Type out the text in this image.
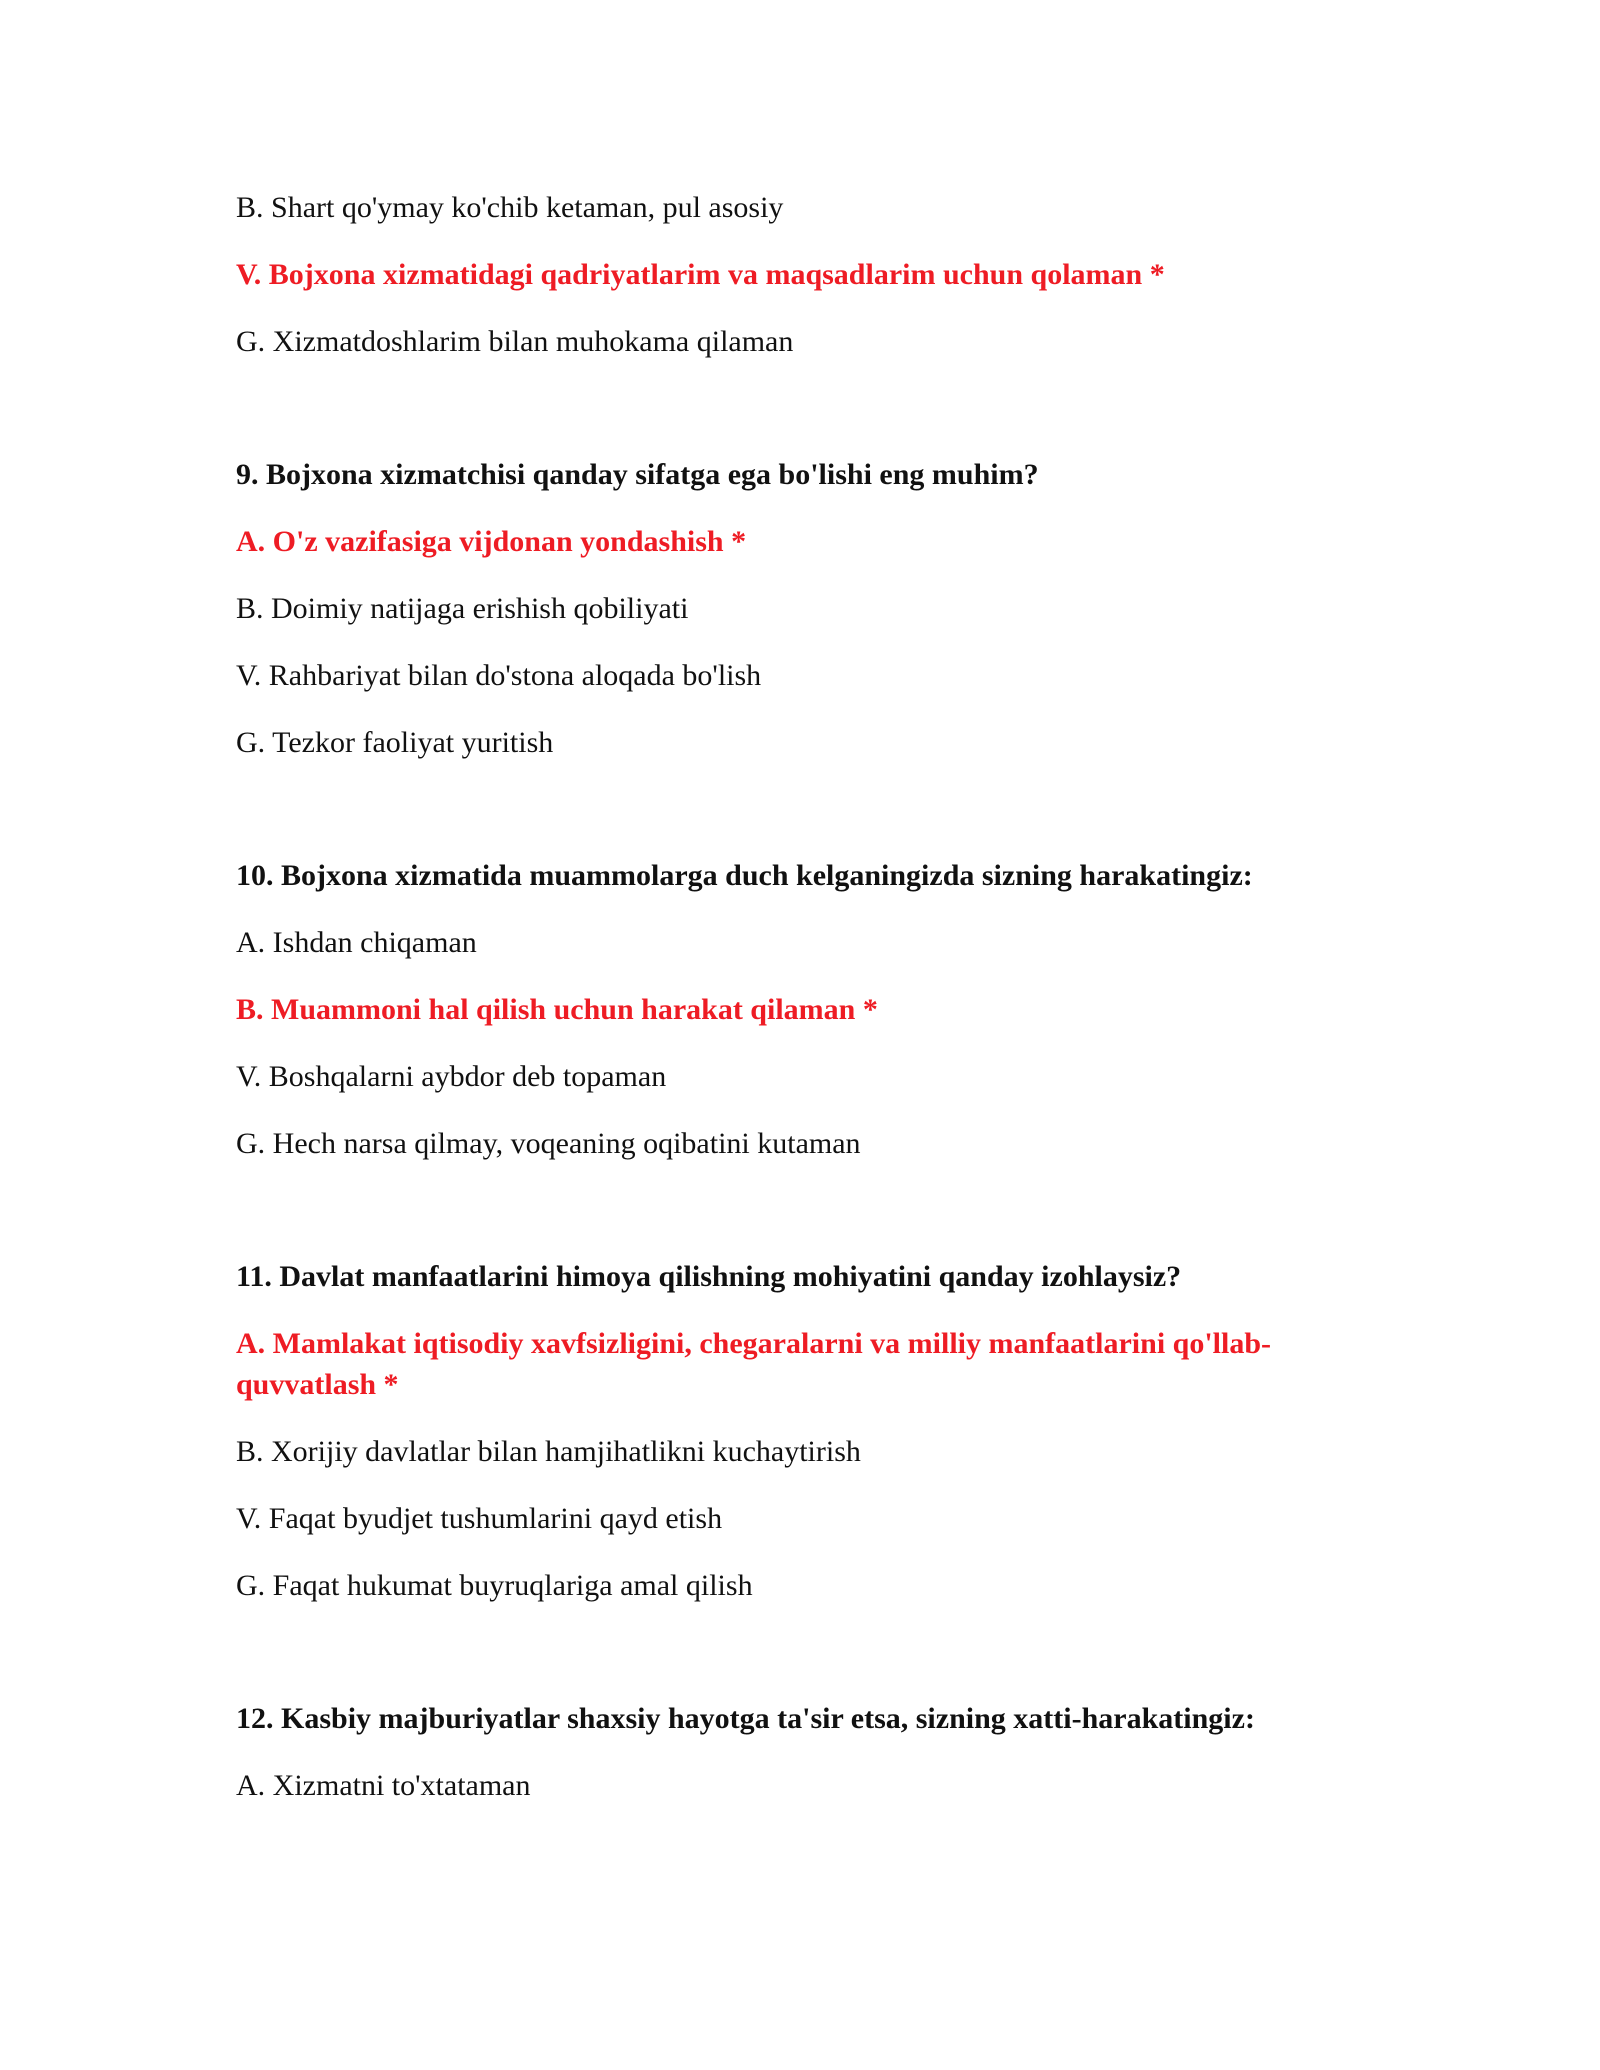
B. Shart qo'ymay ko'chib ketaman, pul asosiy
V. Bojxona xizmatidagi qadriyatlarim va maqsadlarim uchun qolaman *
G. Xizmatdoshlarim bilan muhokama qilaman
9. Bojxona xizmatchisi qanday sifatga ega bo'lishi eng muhim?
A. O'z vazifasiga vijdonan yondashish *
B. Doimiy natijaga erishish qobiliyati
V. Rahbariyat bilan do'stona aloqada bo'lish
G. Tezkor faoliyat yuritish
10. Bojxona xizmatida muammolarga duch kelganingizda sizning harakatingiz:
A. Ishdan chiqaman
B. Muammoni hal qilish uchun harakat qilaman *
V. Boshqalarni aybdor deb topaman
G. Hech narsa qilmay, voqeaning oqibatini kutaman
11. Davlat manfaatlarini himoya qilishning mohiyatini qanday izohlaysiz?
A. Mamlakat iqtisodiy xavfsizligini, chegaralarni va milliy manfaatlarini qo'llab-quvvatlash *
B. Xorijiy davlatlar bilan hamjihatlikni kuchaytirish
V. Faqat byudjet tushumlarini qayd etish
G. Faqat hukumat buyruqlariga amal qilish
12. Kasbiy majburiyatlar shaxsiy hayotga ta'sir etsa, sizning xatti-harakatingiz:
A. Xizmatni to'xtataman
